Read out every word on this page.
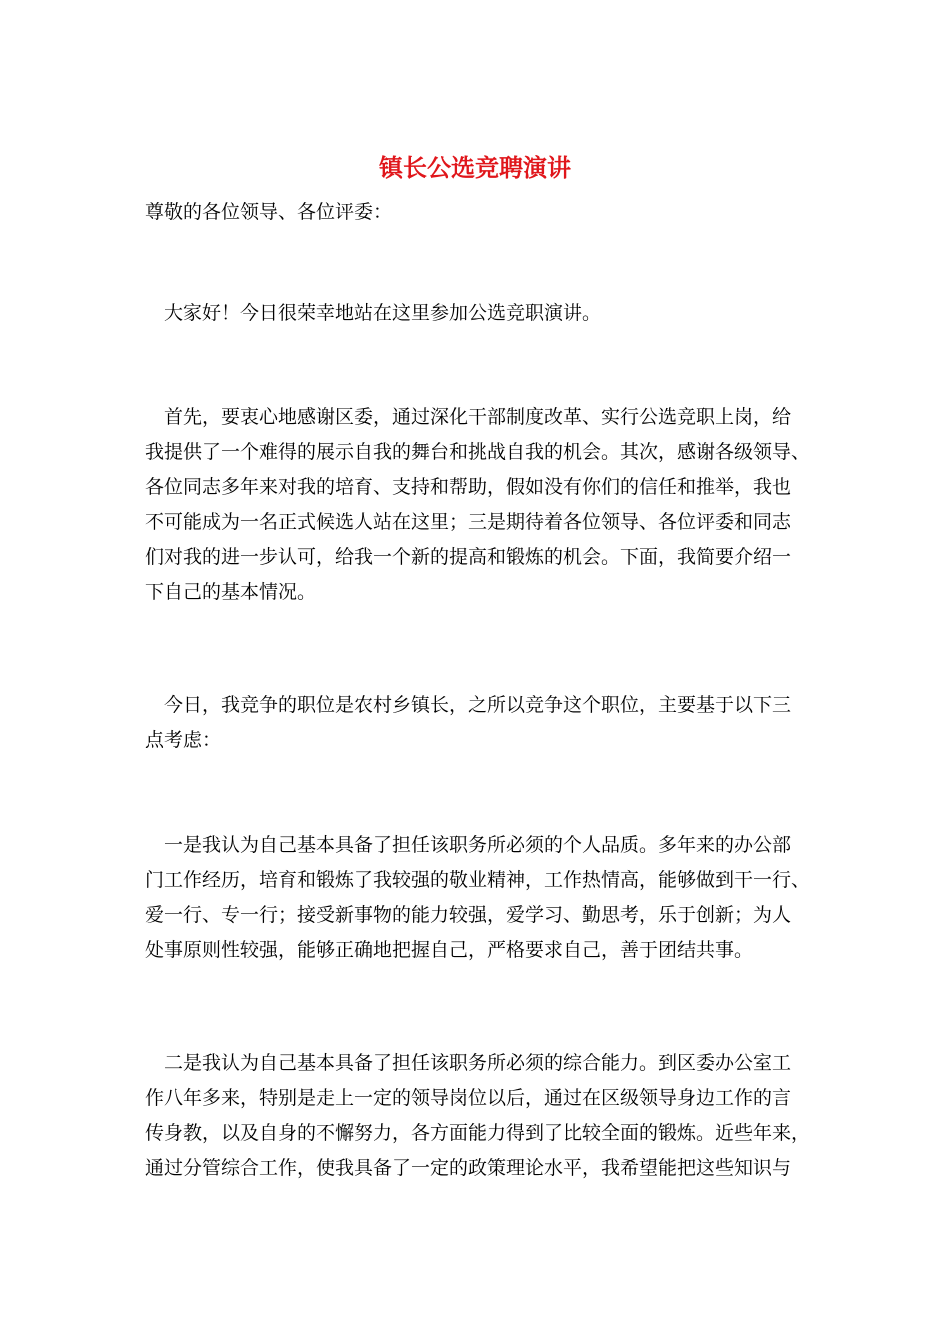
镇长公选竞聘演讲
尊敬的各位领导、各位评委：
　大家好！今日很荣幸地站在这里参加公选竞职演讲。
　首先，要衷心地感谢区委，通过深化干部制度改革、实行公选竞职上岗，给
我提供了一个难得的展示自我的舞台和挑战自我的机会。其次，感谢各级领导、
各位同志多年来对我的培育、支持和帮助，假如没有你们的信任和推举，我也
不可能成为一名正式候选人站在这里；三是期待着各位领导、各位评委和同志
们对我的进一步认可，给我一个新的提高和锻炼的机会。下面，我简要介绍一
下自己的基本情况。
　今日，我竞争的职位是农村乡镇长，之所以竞争这个职位，主要基于以下三
点考虑：
　一是我认为自己基本具备了担任该职务所必须的个人品质。多年来的办公部
门工作经历，培育和锻炼了我较强的敬业精神，工作热情高，能够做到干一行、
爱一行、专一行；接受新事物的能力较强，爱学习、勤思考，乐于创新；为人
处事原则性较强，能够正确地把握自己，严格要求自己，善于团结共事。
　二是我认为自己基本具备了担任该职务所必须的综合能力。到区委办公室工
作八年多来，特别是走上一定的领导岗位以后，通过在区级领导身边工作的言
传身教，以及自身的不懈努力，各方面能力得到了比较全面的锻炼。近些年来，
通过分管综合工作，使我具备了一定的政策理论水平，我希望能把这些知识与
